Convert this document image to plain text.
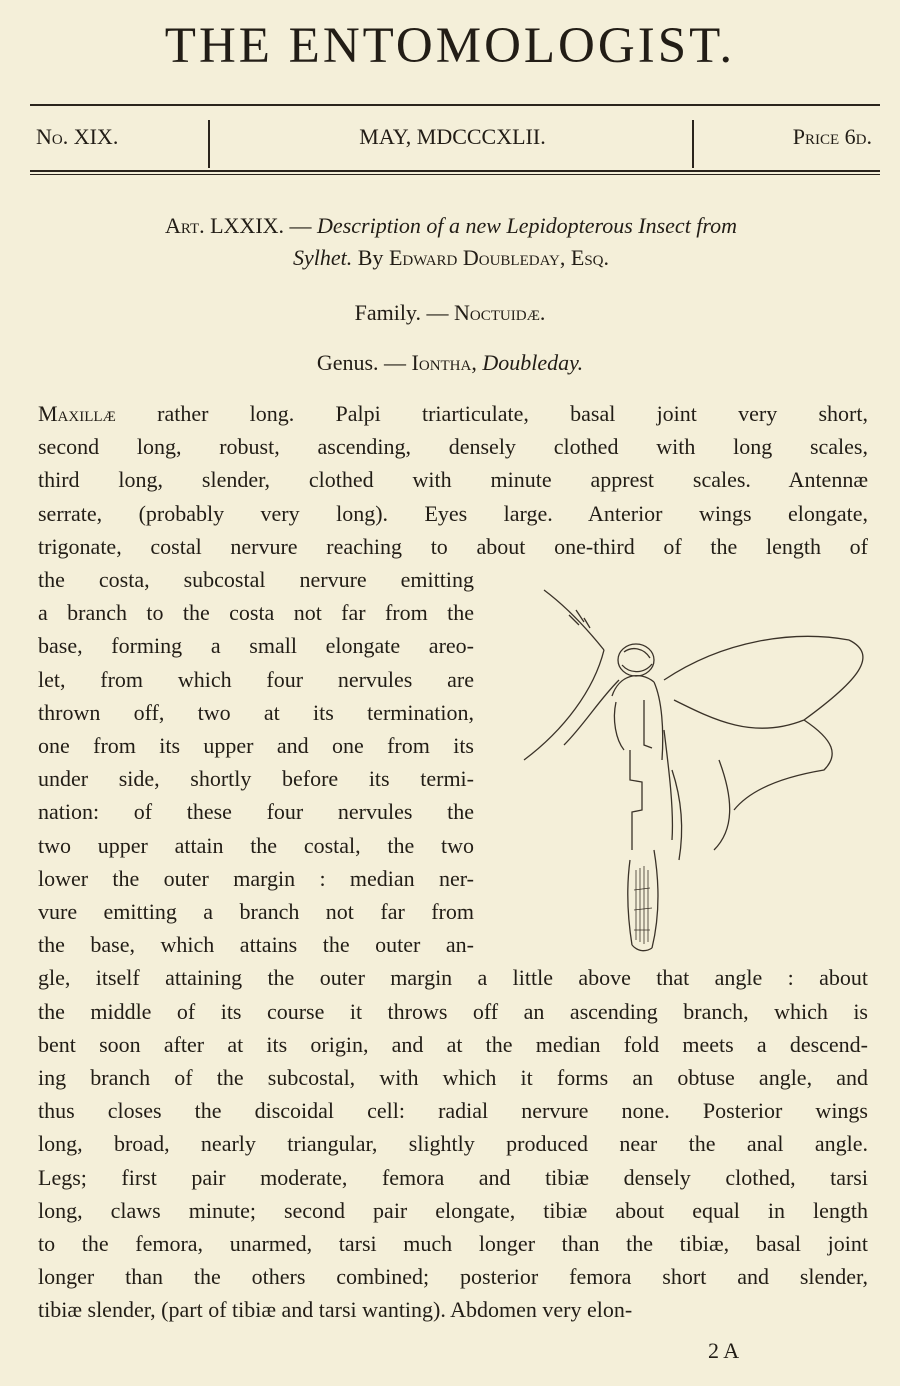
THE ENTOMOLOGIST.
No. XIX.	MAY, MDCCCXLII.	Price 6d.
Art. LXXIX. — Description of a new Lepidopterous Insect from
Sylhet. By Edward Doubleday, Esq.
Family. — Noctuidæ.
Genus. — Iontha, Doubleday.
Maxillæ rather long. Palpi triarticulate, basal joint very short,
second long, robust, ascending, densely clothed with long scales,
third long, slender, clothed with minute apprest scales. Antennæ
serrate, (probably very long). Eyes large. Anterior wings elongate,
trigonate, costal nervure reaching to about one-third of the length of
the costa, subcostal nervure emitting
a branch to the costa not far from the
base, forming a small elongate areo-
let, from which four nervules are
thrown off, two at its termination,
one from its upper and one from its
under side, shortly before its termi-
nation: of these four nervules the
two upper attain the costal, the two
lower the outer margin : median ner-
vure emitting a branch not far from
the base, which attains the outer an-
gle, itself attaining the outer margin a little above that angle : about
the middle of its course it throws off an ascending branch, which is
bent soon after at its origin, and at the median fold meets a descend-
ing branch of the subcostal, with which it forms an obtuse angle, and
thus closes the discoidal cell: radial nervure none. Posterior wings
long, broad, nearly triangular, slightly produced near the anal angle.
Legs; first pair moderate, femora and tibiæ densely clothed, tarsi
long, claws minute; second pair elongate, tibiæ about equal in length
to the femora, unarmed, tarsi much longer than the tibiæ, basal joint
longer than the others combined; posterior femora short and slender,
tibiæ slender, (part of tibiæ and tarsi wanting). Abdomen very elon-
2 A
